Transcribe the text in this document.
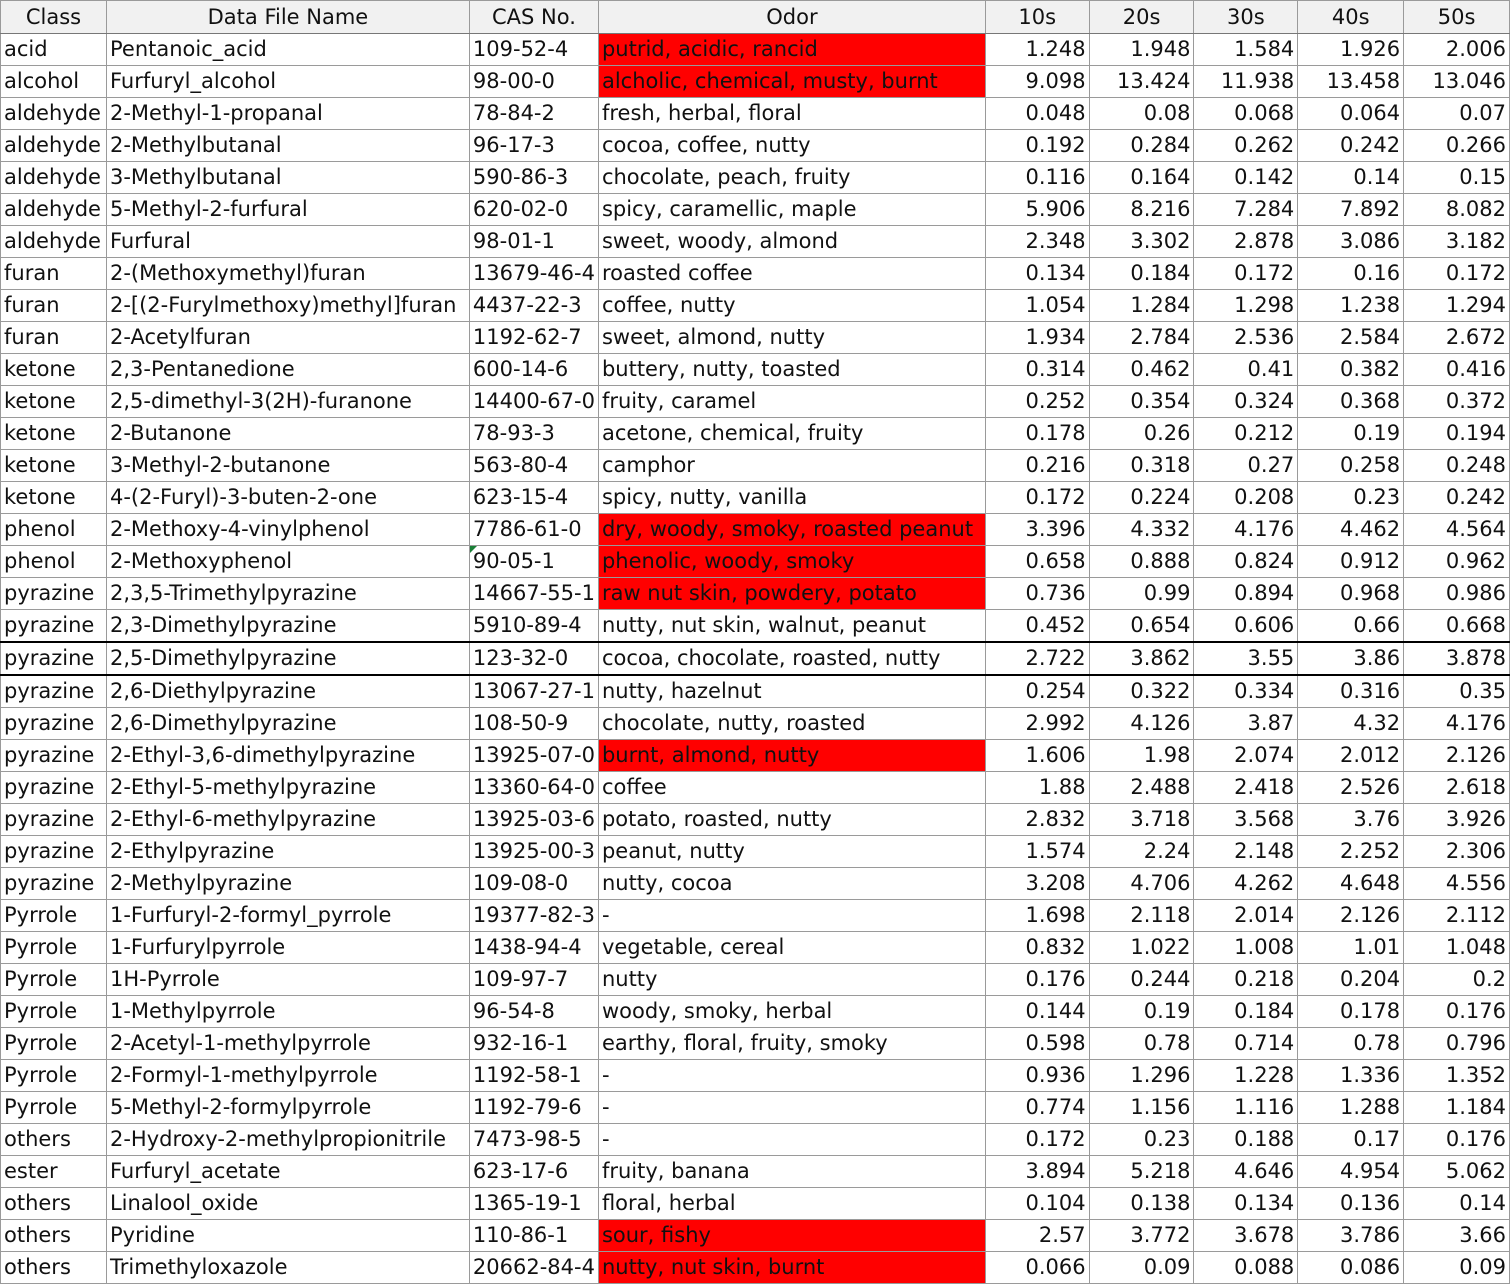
Class	Data File Name	CAS No.	Odor	10s	20s	30s	40s	50s
acid	Pentanoic_acid	109-52-4	putrid, acidic, rancid	1.248	1.948	1.584	1.926	2.006
alcohol	Furfuryl_alcohol	98-00-0	alcholic, chemical, musty, burnt	9.098	13.424	11.938	13.458	13.046
aldehyde	2-Methyl-1-propanal	78-84-2	fresh, herbal, floral	0.048	0.08	0.068	0.064	0.07
aldehyde	2-Methylbutanal	96-17-3	cocoa, coffee, nutty	0.192	0.284	0.262	0.242	0.266
aldehyde	3-Methylbutanal	590-86-3	chocolate, peach, fruity	0.116	0.164	0.142	0.14	0.15
aldehyde	5-Methyl-2-furfural	620-02-0	spicy, caramellic, maple	5.906	8.216	7.284	7.892	8.082
aldehyde	Furfural	98-01-1	sweet, woody, almond	2.348	3.302	2.878	3.086	3.182
furan	2-(Methoxymethyl)furan	13679-46-4	roasted coffee	0.134	0.184	0.172	0.16	0.172
furan	2-[(2-Furylmethoxy)methyl]furan	4437-22-3	coffee, nutty	1.054	1.284	1.298	1.238	1.294
furan	2-Acetylfuran	1192-62-7	sweet, almond, nutty	1.934	2.784	2.536	2.584	2.672
ketone	2,3-Pentanedione	600-14-6	buttery, nutty, toasted	0.314	0.462	0.41	0.382	0.416
ketone	2,5-dimethyl-3(2H)-furanone	14400-67-0	fruity, caramel	0.252	0.354	0.324	0.368	0.372
ketone	2-Butanone	78-93-3	acetone, chemical, fruity	0.178	0.26	0.212	0.19	0.194
ketone	3-Methyl-2-butanone	563-80-4	camphor	0.216	0.318	0.27	0.258	0.248
ketone	4-(2-Furyl)-3-buten-2-one	623-15-4	spicy, nutty, vanilla	0.172	0.224	0.208	0.23	0.242
phenol	2-Methoxy-4-vinylphenol	7786-61-0	dry, woody, smoky, roasted peanut	3.396	4.332	4.176	4.462	4.564
phenol	2-Methoxyphenol	90-05-1	phenolic, woody, smoky	0.658	0.888	0.824	0.912	0.962
pyrazine	2,3,5-Trimethylpyrazine	14667-55-1	raw nut skin, powdery, potato	0.736	0.99	0.894	0.968	0.986
pyrazine	2,3-Dimethylpyrazine	5910-89-4	nutty, nut skin, walnut, peanut	0.452	0.654	0.606	0.66	0.668
pyrazine	2,5-Dimethylpyrazine	123-32-0	cocoa, chocolate, roasted, nutty	2.722	3.862	3.55	3.86	3.878
pyrazine	2,6-Diethylpyrazine	13067-27-1	nutty, hazelnut	0.254	0.322	0.334	0.316	0.35
pyrazine	2,6-Dimethylpyrazine	108-50-9	chocolate, nutty, roasted	2.992	4.126	3.87	4.32	4.176
pyrazine	2-Ethyl-3,6-dimethylpyrazine	13925-07-0	burnt, almond, nutty	1.606	1.98	2.074	2.012	2.126
pyrazine	2-Ethyl-5-methylpyrazine	13360-64-0	coffee	1.88	2.488	2.418	2.526	2.618
pyrazine	2-Ethyl-6-methylpyrazine	13925-03-6	potato, roasted, nutty	2.832	3.718	3.568	3.76	3.926
pyrazine	2-Ethylpyrazine	13925-00-3	peanut, nutty	1.574	2.24	2.148	2.252	2.306
pyrazine	2-Methylpyrazine	109-08-0	nutty, cocoa	3.208	4.706	4.262	4.648	4.556
Pyrrole	1-Furfuryl-2-formyl_pyrrole	19377-82-3	-	1.698	2.118	2.014	2.126	2.112
Pyrrole	1-Furfurylpyrrole	1438-94-4	vegetable, cereal	0.832	1.022	1.008	1.01	1.048
Pyrrole	1H-Pyrrole	109-97-7	nutty	0.176	0.244	0.218	0.204	0.2
Pyrrole	1-Methylpyrrole	96-54-8	woody, smoky, herbal	0.144	0.19	0.184	0.178	0.176
Pyrrole	2-Acetyl-1-methylpyrrole	932-16-1	earthy, floral, fruity, smoky	0.598	0.78	0.714	0.78	0.796
Pyrrole	2-Formyl-1-methylpyrrole	1192-58-1	-	0.936	1.296	1.228	1.336	1.352
Pyrrole	5-Methyl-2-formylpyrrole	1192-79-6	-	0.774	1.156	1.116	1.288	1.184
others	2-Hydroxy-2-methylpropionitrile	7473-98-5	-	0.172	0.23	0.188	0.17	0.176
ester	Furfuryl_acetate	623-17-6	fruity, banana	3.894	5.218	4.646	4.954	5.062
others	Linalool_oxide	1365-19-1	floral, herbal	0.104	0.138	0.134	0.136	0.14
others	Pyridine	110-86-1	sour, fishy	2.57	3.772	3.678	3.786	3.66
others	Trimethyloxazole	20662-84-4	nutty, nut skin, burnt	0.066	0.09	0.088	0.086	0.09
